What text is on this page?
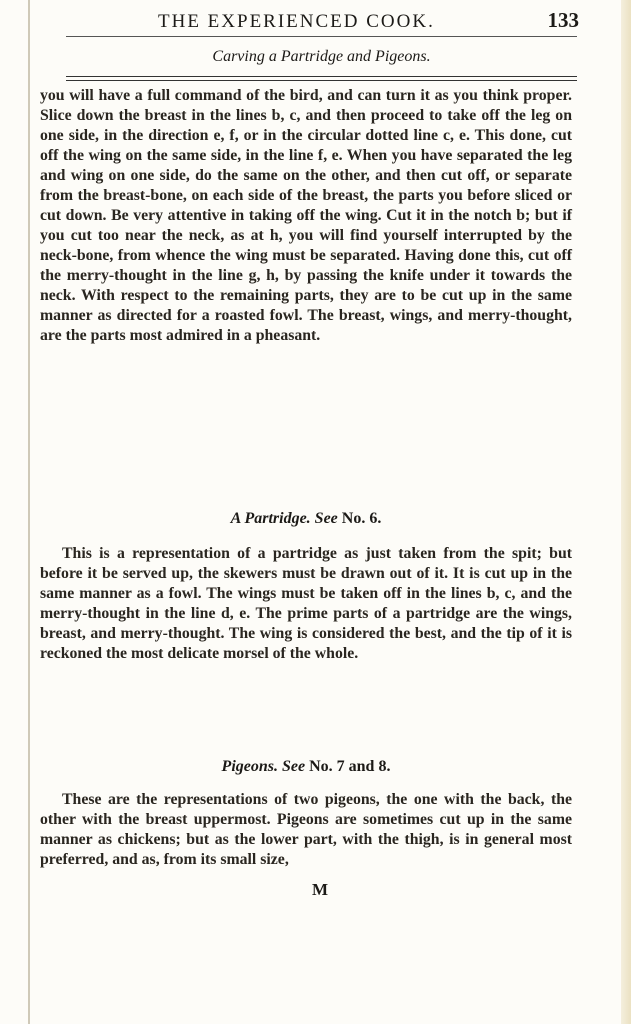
THE EXPERIENCED COOK.	133
Carving a Partridge and Pigeons.

you will have a full command of the bird, and can turn it as you think proper. Slice down the breast in the lines b, c, and then proceed to take off the leg on one side, in the direction e, f, or in the circular dotted line c, e. This done, cut off the wing on the same side, in the line f, e. When you have separated the leg and wing on one side, do the same on the other, and then cut off, or separate from the breast-bone, on each side of the breast, the parts you before sliced or cut down. Be very attentive in taking off the wing. Cut it in the notch b; but if you cut too near the neck, as at h, you will find yourself interrupted by the neck-bone, from whence the wing must be separated. Having done this, cut off the merry-thought in the line g, h, by passing the knife under it towards the neck. With respect to the remaining parts, they are to be cut up in the same manner as directed for a roasted fowl. The breast, wings, and merry-thought, are the parts most admired in a pheasant.

A Partridge. See No. 6.

This is a representation of a partridge as just taken from the spit; but before it be served up, the skewers must be drawn out of it. It is cut up in the same manner as a fowl. The wings must be taken off in the lines b, c, and the merry-thought in the line d, e. The prime parts of a partridge are the wings, breast, and merry-thought. The wing is considered the best, and the tip of it is reckoned the most delicate morsel of the whole.

Pigeons. See No. 7 and 8.

These are the representations of two pigeons, the one with the back, the other with the breast uppermost. Pigeons are sometimes cut up in the same manner as chickens; but as the lower part, with the thigh, is in general most preferred, and as, from its small size,

M
